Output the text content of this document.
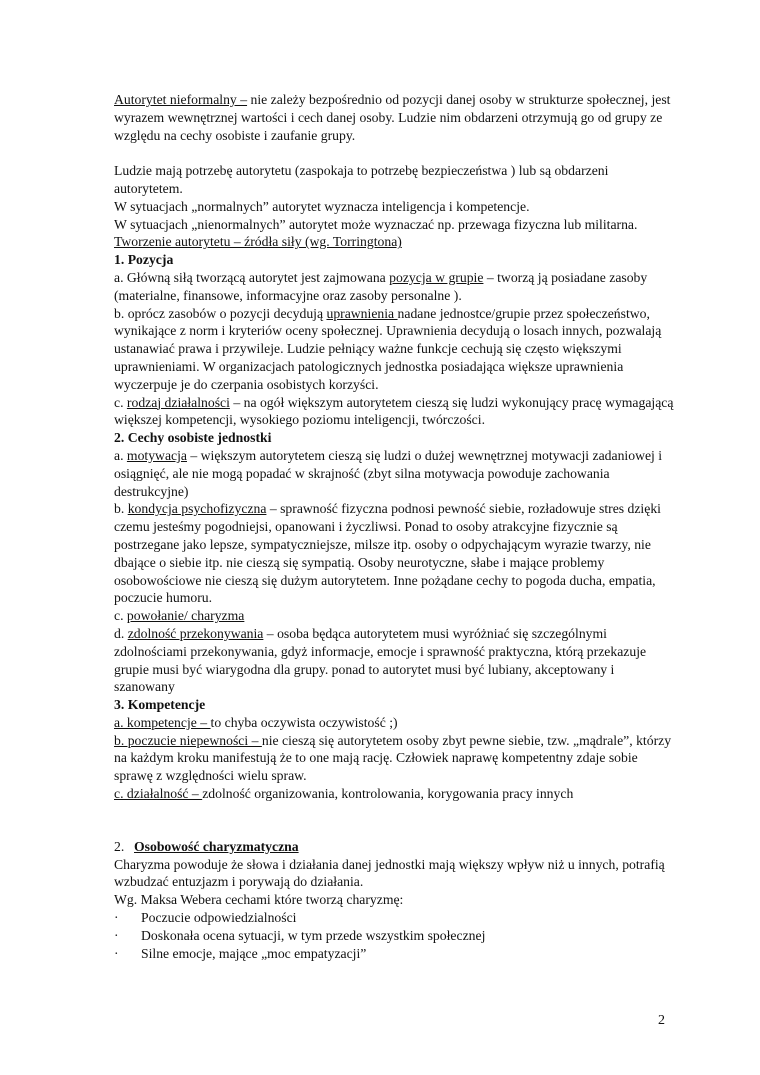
Autorytet nieformalny – nie zależy bezpośrednio od pozycji danej osoby w strukturze społecznej, jest wyrazem wewnętrznej wartości i cech danej osoby. Ludzie nim obdarzeni otrzymują go od grupy ze względu na cechy osobiste i zaufanie grupy.

Ludzie mają potrzebę autorytetu (zaspokaja to potrzebę bezpieczeństwa ) lub są obdarzeni autorytetem.

W sytuacjach „normalnych” autorytet wyznacza inteligencja i kompetencje.

W sytuacjach „nienormalnych” autorytet może wyznaczać np. przewaga fizyczna lub militarna.

Tworzenie autorytetu – źródła siły (wg. Torringtona)

1. Pozycja

a. Główną siłą tworzącą autorytet jest zajmowana pozycja w grupie – tworzą ją posiadane zasoby (materialne, finansowe, informacyjne oraz zasoby personalne ).

b. oprócz zasobów o pozycji decydują uprawnienia nadane jednostce/grupie przez społeczeństwo, wynikające z norm i kryteriów oceny społecznej. Uprawnienia decydują o losach innych, pozwalają ustanawiać prawa i przywileje. Ludzie pełniący ważne funkcje cechują się często większymi uprawnieniami. W organizacjach patologicznych jednostka posiadająca większe uprawnienia wyczerpuje je do czerpania osobistych korzyści.

c. rodzaj działalności – na ogół większym autorytetem cieszą się ludzi wykonujący pracę wymagającą większej kompetencji, wysokiego poziomu inteligencji, twórczości.

2. Cechy osobiste jednostki

a. motywacja – większym autorytetem cieszą się ludzi o dużej wewnętrznej motywacji zadaniowej i osiągnięć, ale nie mogą popadać w skrajność (zbyt silna motywacja powoduje zachowania destrukcyjne)

b. kondycja psychofizyczna – sprawność fizyczna podnosi pewność siebie, rozładowuje stres dzięki czemu jesteśmy pogodniejsi, opanowani i życzliwsi. Ponad to osoby atrakcyjne fizycznie są postrzegane jako lepsze, sympatyczniejsze, milsze itp. osoby o odpychającym wyrazie twarzy, nie dbające o siebie itp. nie cieszą się sympatią. Osoby neurotyczne, słabe i mające problemy osobowościowe nie cieszą się dużym autorytetem. Inne pożądane cechy to pogoda ducha, empatia, poczucie humoru.

c. powołanie/ charyzma

d. zdolność przekonywania – osoba będąca autorytetem musi wyróżniać się szczególnymi zdolnościami przekonywania, gdyż informacje, emocje i sprawność praktyczna, którą przekazuje grupie musi być wiarygodna dla grupy. ponad to autorytet musi być lubiany, akceptowany i szanowany

3. Kompetencje

a. kompetencje – to chyba oczywista oczywistość ;)

b. poczucie niepewności – nie cieszą się autorytetem osoby zbyt pewne siebie, tzw. „mądrale”, którzy na każdym kroku manifestują że to one mają rację. Człowiek naprawę kompetentny zdaje sobie sprawę z względności wielu spraw.

c. działalność – zdolność organizowania, kontrolowania, korygowania pracy innych

2. Osobowość charyzmatyczna

Charyzma powoduje że słowa i działania danej jednostki mają większy wpływ niż u innych, potrafią wzbudzać entuzjazm i porywają do działania.

Wg. Maksa Webera cechami które tworzą charyzmę:

·	Poczucie odpowiedzialności
·	Doskonała ocena sytuacji, w tym przede wszystkim społecznej
·	Silne emocje, mające „moc empatyzacji”
2
